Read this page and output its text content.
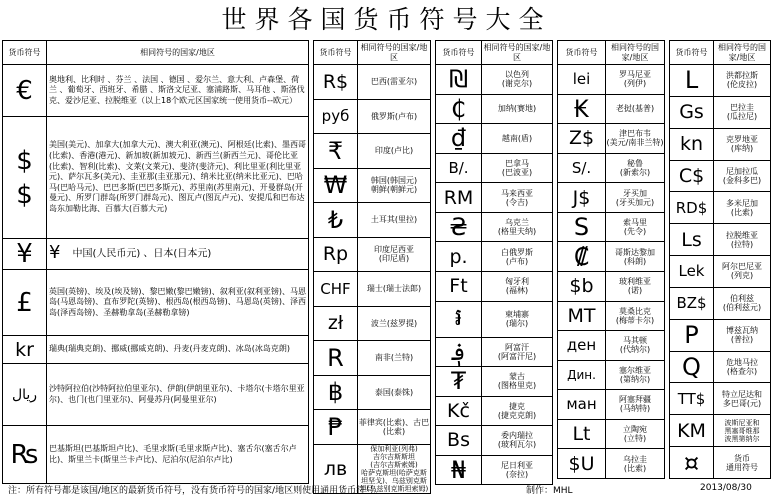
世界各国货币符号大全
货币符号	相同符号的国家/地区
€	奥地利、比利时 、芬兰 、法国 、德国 、爱尔兰、意大利、卢森堡、荷兰 、葡萄牙、西班牙、希腊 、斯洛文尼亚、塞浦路斯、马耳他 、斯洛伐克、爱沙尼亚、拉脱维亚（以上18个欧元区国家统一使用货币--欧元）

$
$	美国(美元)、加拿大(加拿大元)、澳大利亚(澳元)、阿根廷(比索)、墨西哥(比索)、香港(港元)、新加坡(新加坡元)、新西兰(新西兰元)、哥伦比亚(比索)、智利(比索)、文莱(文莱元)、斐济(斐济元)、利比里亚(利比里亚元)、萨尔瓦多(美元)、圭亚那(圭亚那元)、纳米比亚(纳米比亚元)、巴哈马(巴哈马元)、巴巴多斯(巴巴多斯元)、苏里南(苏里南元)、开曼群岛(开曼元)、所罗门群岛(所罗门群岛元)、图瓦卢(图瓦卢元)、安提瓜和巴布达岛东加勒比海、百慕大(百慕大元)
¥	¥ 中国(人民币元) 、日本(日本元)
£	英国(英镑)、埃及(埃及镑)、黎巴嫩(黎巴嫩镑)、叙利亚(叙利亚镑)、马恩岛(马恩岛镑)、直布罗陀(英镑)、根西岛(根西岛镑)、马恩岛(英镑)、泽西岛(泽西岛镑)、圣赫勒拿岛(圣赫勒拿镑)
kr	瑞典(瑞典克朗)、挪威(挪威克朗)、丹麦(丹麦克朗)、冰岛(冰岛克朗)
ريال	沙特阿拉伯(沙特阿拉伯里亚尔)、伊朗(伊朗里亚尔)、卡塔尔(卡塔尔里亚尔)、也门(也门里亚尔)、阿曼苏丹(阿曼里亚尔)
₨	巴基斯坦(巴基斯坦卢比)、毛里求斯(毛里求斯卢比)、塞舌尔(塞舌尔卢比)、斯里兰卡(斯里兰卡卢比)、尼泊尔(尼泊尔卢比)
货币符号	相同符号的国家/地区
R$	巴西(雷亚尔)
руб	俄罗斯(卢布)
₹	印度(卢比)
₩	韩国(韩国元)
朝鲜(朝鲜元)
₺	土耳其(里拉)
Rp	印度尼西亚
(印尼盾)
CHF	瑞士(瑞士法郎)
zł	波兰(兹罗提)
R	南非(兰特)
฿	泰国(泰铢)
₱	菲律宾(比索)、古巴(比索)
лв	保加利亚(列弗)
吉尔吉斯斯坦
(吉尔吉斯索姆)
哈萨克斯坦(哈萨克斯坦坚戈)、乌兹别克斯坦(乌兹别克斯坦索姆)
货币符号	相同符号的国家/地区
₪	以色列
(谢克尔)
₵	加纳(赛地)
₫	越南(盾)
B/.	巴拿马
(巴波亚)
RM	马来西亚
(令吉)
₴	乌克兰
(格里夫纳)
p.	白俄罗斯
(卢布)
Ft	匈牙利
(福林)
៛	柬埔寨
(瑞尔)
؋	阿富汗
(阿富汗尼)
₮	蒙古
(图格里克)
Kč	捷克
(捷克克朗)
Bs	委内瑞拉
(玻利瓦尔)
₦	尼日利亚
(奈拉)
货币符号	相同符号的国家/地区
lei	罗马尼亚
(列伊)
₭	老挝(基普)
Z$	津巴布韦
(美元/南非兰特)
S/.	秘鲁
(新索尔)
J$	牙买加
(牙买加元)
S	索马里
(先令)
₡	哥斯达黎加
(科朗)
$b	玻利维亚
(诺)
MT	莫桑比克
(梅蒂卡尔)
ден	马其顿
(代纳尔)
Дин.	塞尔维亚
(第纳尔)
ман	阿塞拜疆
(马纳特)
Lt	立陶宛
(立特)
$U	乌拉圭
(比索)
货币符号	相同符号的国家/地区
L	洪都拉斯
(伦皮拉)
Gs	巴拉圭
(瓜拉尼)
kn	克罗地亚
(库纳)
C$	尼加拉瓜
(金科多巴)
RD$	多米尼加
(比索)
Ls	拉脱维亚
(拉特)
Lek	阿尔巴尼亚
(列克)
BZ$	伯利兹
(伯利兹元)
P	博兹瓦纳
(普拉)
Q	危地马拉
(格查尔)
TT$	特立尼达和
多巴哥(元)
KM	波斯尼亚和
黑塞哥维那
波黑第纳尔
¤	货币
通用符号
注：所有符号都是该国/地区的最新货币符号，没有货币符号的国家/地区则使用通用货币符号。	制作：MHL	2013/08/30
